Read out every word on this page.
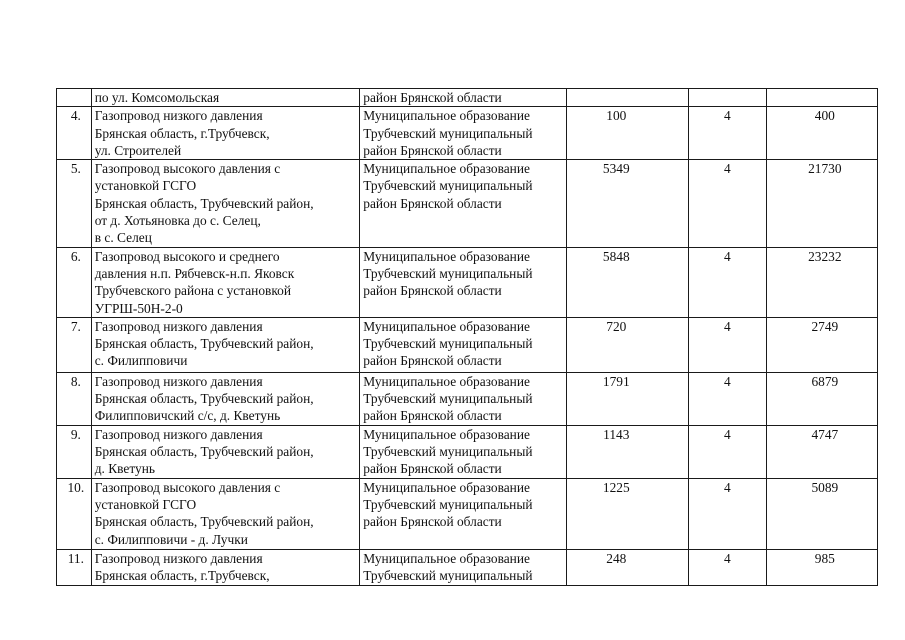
	по ул. Комсомольская	район Брянской области			

4.	Газопровод низкого давления
Брянская область, г.Трубчевск,
ул. Строителей	Муниципальное образование
Трубчевский муниципальный
район Брянской области	100	4	400

5.	Газопровод высокого давления с
установкой ГСГО
Брянская область, Трубчевский район,
от д. Хотьяновка до с. Селец,
в с. Селец	Муниципальное образование
Трубчевский муниципальный
район Брянской области	5349	4	21730

6.	Газопровод высокого и среднего
давления н.п. Рябчевск-н.п. Яковск
Трубчевского района с установкой
УГРШ-50Н-2-0	Муниципальное образование
Трубчевский муниципальный
район Брянской области	5848	4	23232

7.	Газопровод низкого давления
Брянская область, Трубчевский район,
с. Филипповичи	Муниципальное образование
Трубчевский муниципальный
район Брянской области	720	4	2749

8.	Газопровод низкого давления
Брянская область, Трубчевский район,
Филипповичский с/с, д. Кветунь	Муниципальное образование
Трубчевский муниципальный
район Брянской области	1791	4	6879

9.	Газопровод низкого давления
Брянская область, Трубчевский район,
д. Кветунь	Муниципальное образование
Трубчевский муниципальный
район Брянской области	1143	4	4747

10.	Газопровод высокого давления с
установкой ГСГО
Брянская область, Трубчевский район,
с. Филипповичи - д. Лучки	Муниципальное образование
Трубчевский муниципальный
район Брянской области	1225	4	5089

11.	Газопровод низкого давления
Брянская область, г.Трубчевск,	Муниципальное образование
Трубчевский муниципальный	248	4	985
